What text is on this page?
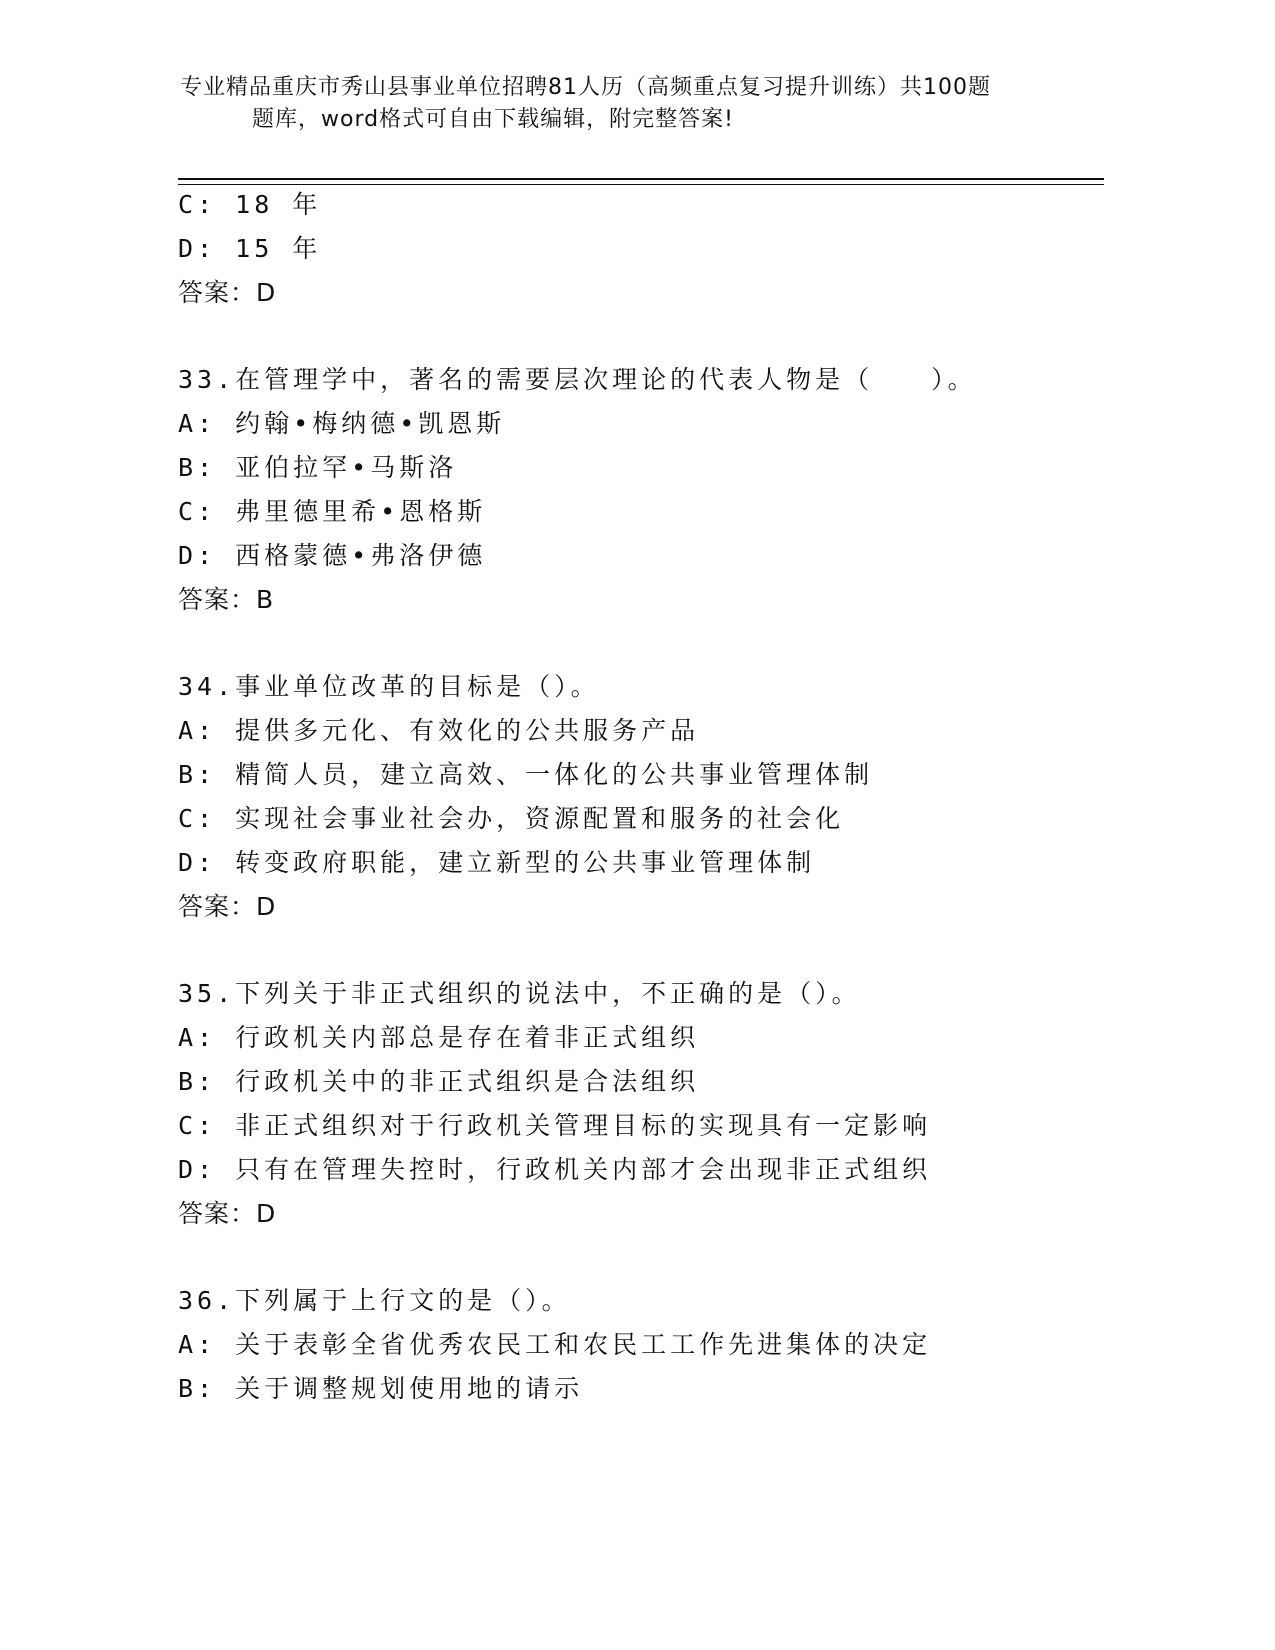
专业精品重庆市秀山县事业单位招聘81人历（高频重点复习提升训练）共100题
题库，word格式可自由下载编辑，附完整答案!
C: 18 年
D: 15 年
答案：D
33.在管理学中，著名的需要层次理论的代表人物是（　　）。
A: 约翰•梅纳德•凯恩斯
B: 亚伯拉罕•马斯洛
C: 弗里德里希•恩格斯
D: 西格蒙德•弗洛伊德
答案：B
34.事业单位改革的目标是（）。
A: 提供多元化、有效化的公共服务产品
B: 精简人员，建立高效、一体化的公共事业管理体制
C: 实现社会事业社会办，资源配置和服务的社会化
D: 转变政府职能，建立新型的公共事业管理体制
答案：D
35.下列关于非正式组织的说法中，不正确的是（）。
A: 行政机关内部总是存在着非正式组织
B: 行政机关中的非正式组织是合法组织
C: 非正式组织对于行政机关管理目标的实现具有一定影响
D: 只有在管理失控时，行政机关内部才会出现非正式组织
答案：D
36.下列属于上行文的是（）。
A: 关于表彰全省优秀农民工和农民工工作先进集体的决定
B: 关于调整规划使用地的请示
